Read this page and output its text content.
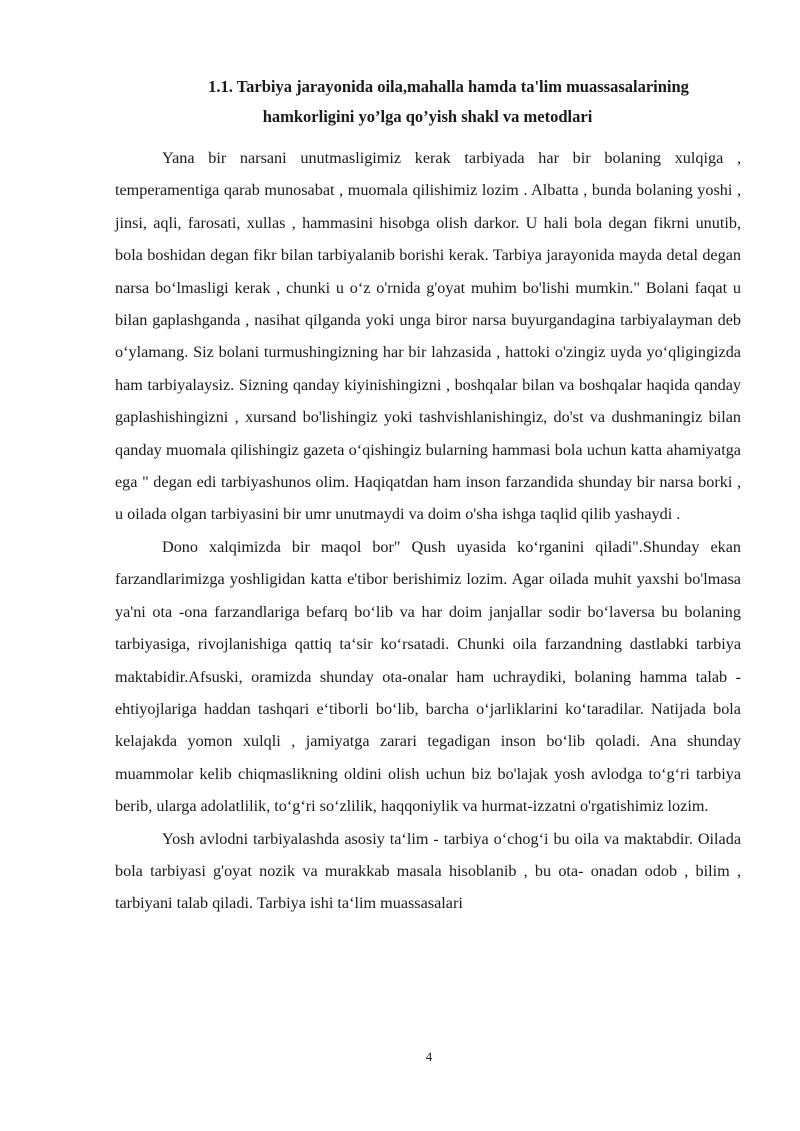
1.1. Tarbiya jarayonida oila,mahalla hamda ta'lim muassasalarining
hamkorligini yo’lga qo’yish shakl va metodlari

Yana bir narsani unutmasligimiz kerak tarbiyada har bir bolaning xulqiga , temperamentiga qarab munosabat , muomala qilishimiz lozim . Albatta , bunda bolaning yoshi , jinsi, aqli, farosati, xullas , hammasini hisobga olish darkor. U hali bola degan fikrni unutib, bola boshidan degan fikr bilan tarbiyalanib borishi kerak. Tarbiya jarayonida mayda detal degan narsa bo‘lmasligi kerak , chunki u o‘z o'rnida g'oyat muhim bo'lishi mumkin." Bolani faqat u bilan gaplashganda , nasihat qilganda yoki unga biror narsa buyurgandagina tarbiyalayman deb o‘ylamang. Siz bolani turmushingizning har bir lahzasida , hattoki o'zingiz uyda yo‘qligingizda ham tarbiyalaysiz. Sizning qanday kiyinishingizni , boshqalar bilan va boshqalar haqida qanday gaplashishingizni , xursand bo'lishingiz yoki tashvishlanishingiz, do'st va dushmaningiz bilan qanday muomala qilishingiz gazeta o‘qishingiz bularning hammasi bola uchun katta ahamiyatga ega " degan edi tarbiyashunos olim. Haqiqatdan ham inson farzandida shunday bir narsa borki , u oilada olgan tarbiyasini bir umr unutmaydi va doim o'sha ishga taqlid qilib yashaydi .

Dono xalqimizda bir maqol bor" Qush uyasida ko‘rganini qiladi".Shunday ekan farzandlarimizga yoshligidan katta e'tibor berishimiz lozim. Agar oilada muhit yaxshi bo'lmasa ya'ni ota -ona farzandlariga befarq bo‘lib va har doim janjallar sodir bo‘laversa bu bolaning tarbiyasiga, rivojlanishiga qattiq ta‘sir ko‘rsatadi. Chunki oila farzandning dastlabki tarbiya maktabidir.Afsuski, oramizda shunday ota-onalar ham uchraydiki, bolaning hamma talab - ehtiyojlariga haddan tashqari e‘tiborli bo‘lib, barcha o‘jarliklarini ko‘taradilar. Natijada bola kelajakda yomon xulqli , jamiyatga zarari tegadigan inson bo‘lib qoladi. Ana shunday muammolar kelib chiqmaslikning oldini olish uchun biz bo'lajak yosh avlodga to‘g‘ri tarbiya berib, ularga adolatlilik, to‘g‘ri so‘zlilik, haqqoniylik va hurmat-izzatni o'rgatishimiz lozim.

Yosh avlodni tarbiyalashda asosiy ta‘lim - tarbiya o‘chog‘i bu oila va maktabdir. Oilada bola tarbiyasi g'oyat nozik va murakkab masala hisoblanib , bu ota- onadan odob , bilim , tarbiyani talab qiladi. Tarbiya ishi ta‘lim muassasalari

4
